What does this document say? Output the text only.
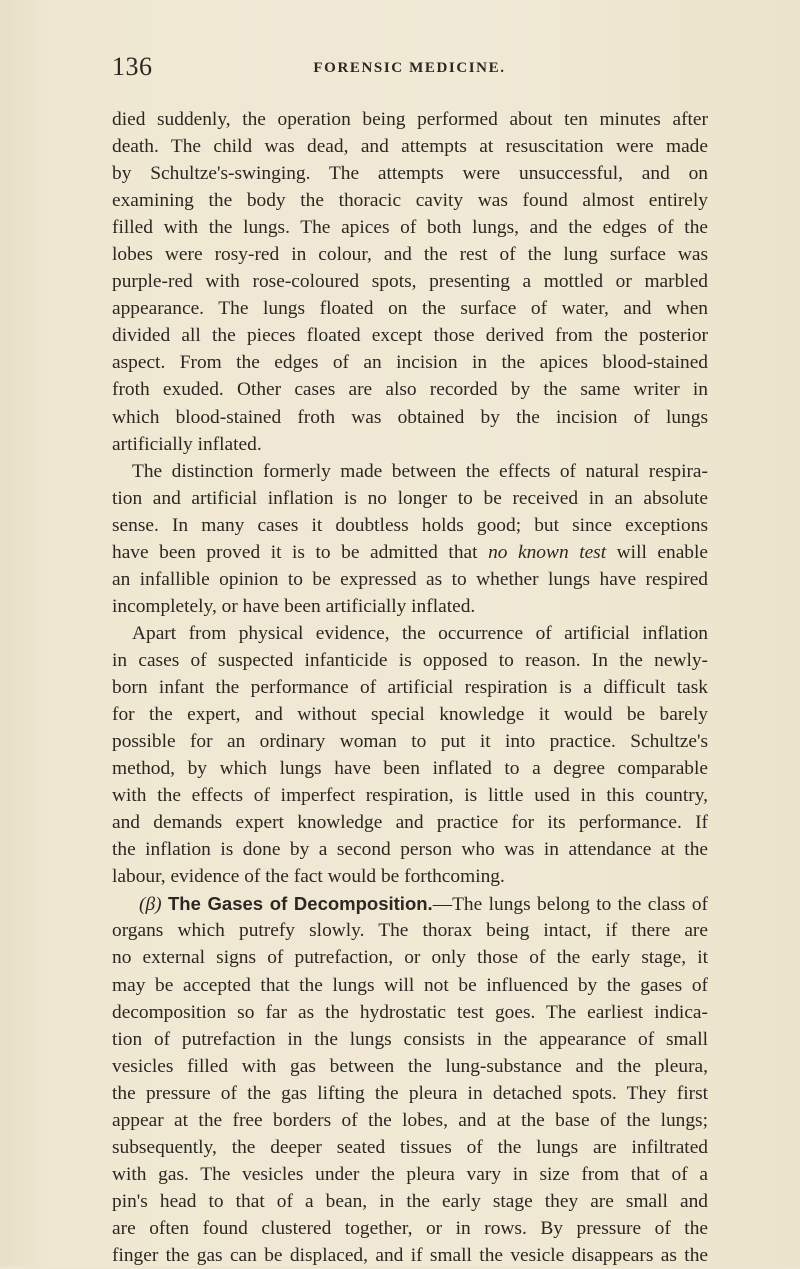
136	FORENSIC MEDICINE.
died suddenly, the operation being performed about ten minutes after
death. The child was dead, and attempts at resuscitation were made
by Schultze's-swinging. The attempts were unsuccessful, and on
examining the body the thoracic cavity was found almost entirely
filled with the lungs. The apices of both lungs, and the edges of the
lobes were rosy-red in colour, and the rest of the lung surface was
purple-red with rose-coloured spots, presenting a mottled or marbled
appearance. The lungs floated on the surface of water, and when
divided all the pieces floated except those derived from the posterior
aspect. From the edges of an incision in the apices blood-stained
froth exuded. Other cases are also recorded by the same writer in
which blood-stained froth was obtained by the incision of lungs
artificially inflated.
The distinction formerly made between the effects of natural respira-
tion and artificial inflation is no longer to be received in an absolute
sense. In many cases it doubtless holds good; but since exceptions
have been proved it is to be admitted that no known test will enable
an infallible opinion to be expressed as to whether lungs have respired
incompletely, or have been artificially inflated.
Apart from physical evidence, the occurrence of artificial inflation
in cases of suspected infanticide is opposed to reason. In the newly-
born infant the performance of artificial respiration is a difficult task
for the expert, and without special knowledge it would be barely
possible for an ordinary woman to put it into practice. Schultze's
method, by which lungs have been inflated to a degree comparable
with the effects of imperfect respiration, is little used in this country,
and demands expert knowledge and practice for its performance. If
the inflation is done by a second person who was in attendance at the
labour, evidence of the fact would be forthcoming.
(β) The Gases of Decomposition.—The lungs belong to the class of
organs which putrefy slowly. The thorax being intact, if there are
no external signs of putrefaction, or only those of the early stage, it
may be accepted that the lungs will not be influenced by the gases of
decomposition so far as the hydrostatic test goes. The earliest indica-
tion of putrefaction in the lungs consists in the appearance of small
vesicles filled with gas between the lung-substance and the pleura,
the pressure of the gas lifting the pleura in detached spots. They first
appear at the free borders of the lobes, and at the base of the lungs;
subsequently, the deeper seated tissues of the lungs are infiltrated
with gas. The vesicles under the pleura vary in size from that of a
pin's head to that of a bean, in the early stage they are small and
are often found clustered together, or in rows. By pressure of the
finger the gas can be displaced, and if small the vesicle disappears as the
